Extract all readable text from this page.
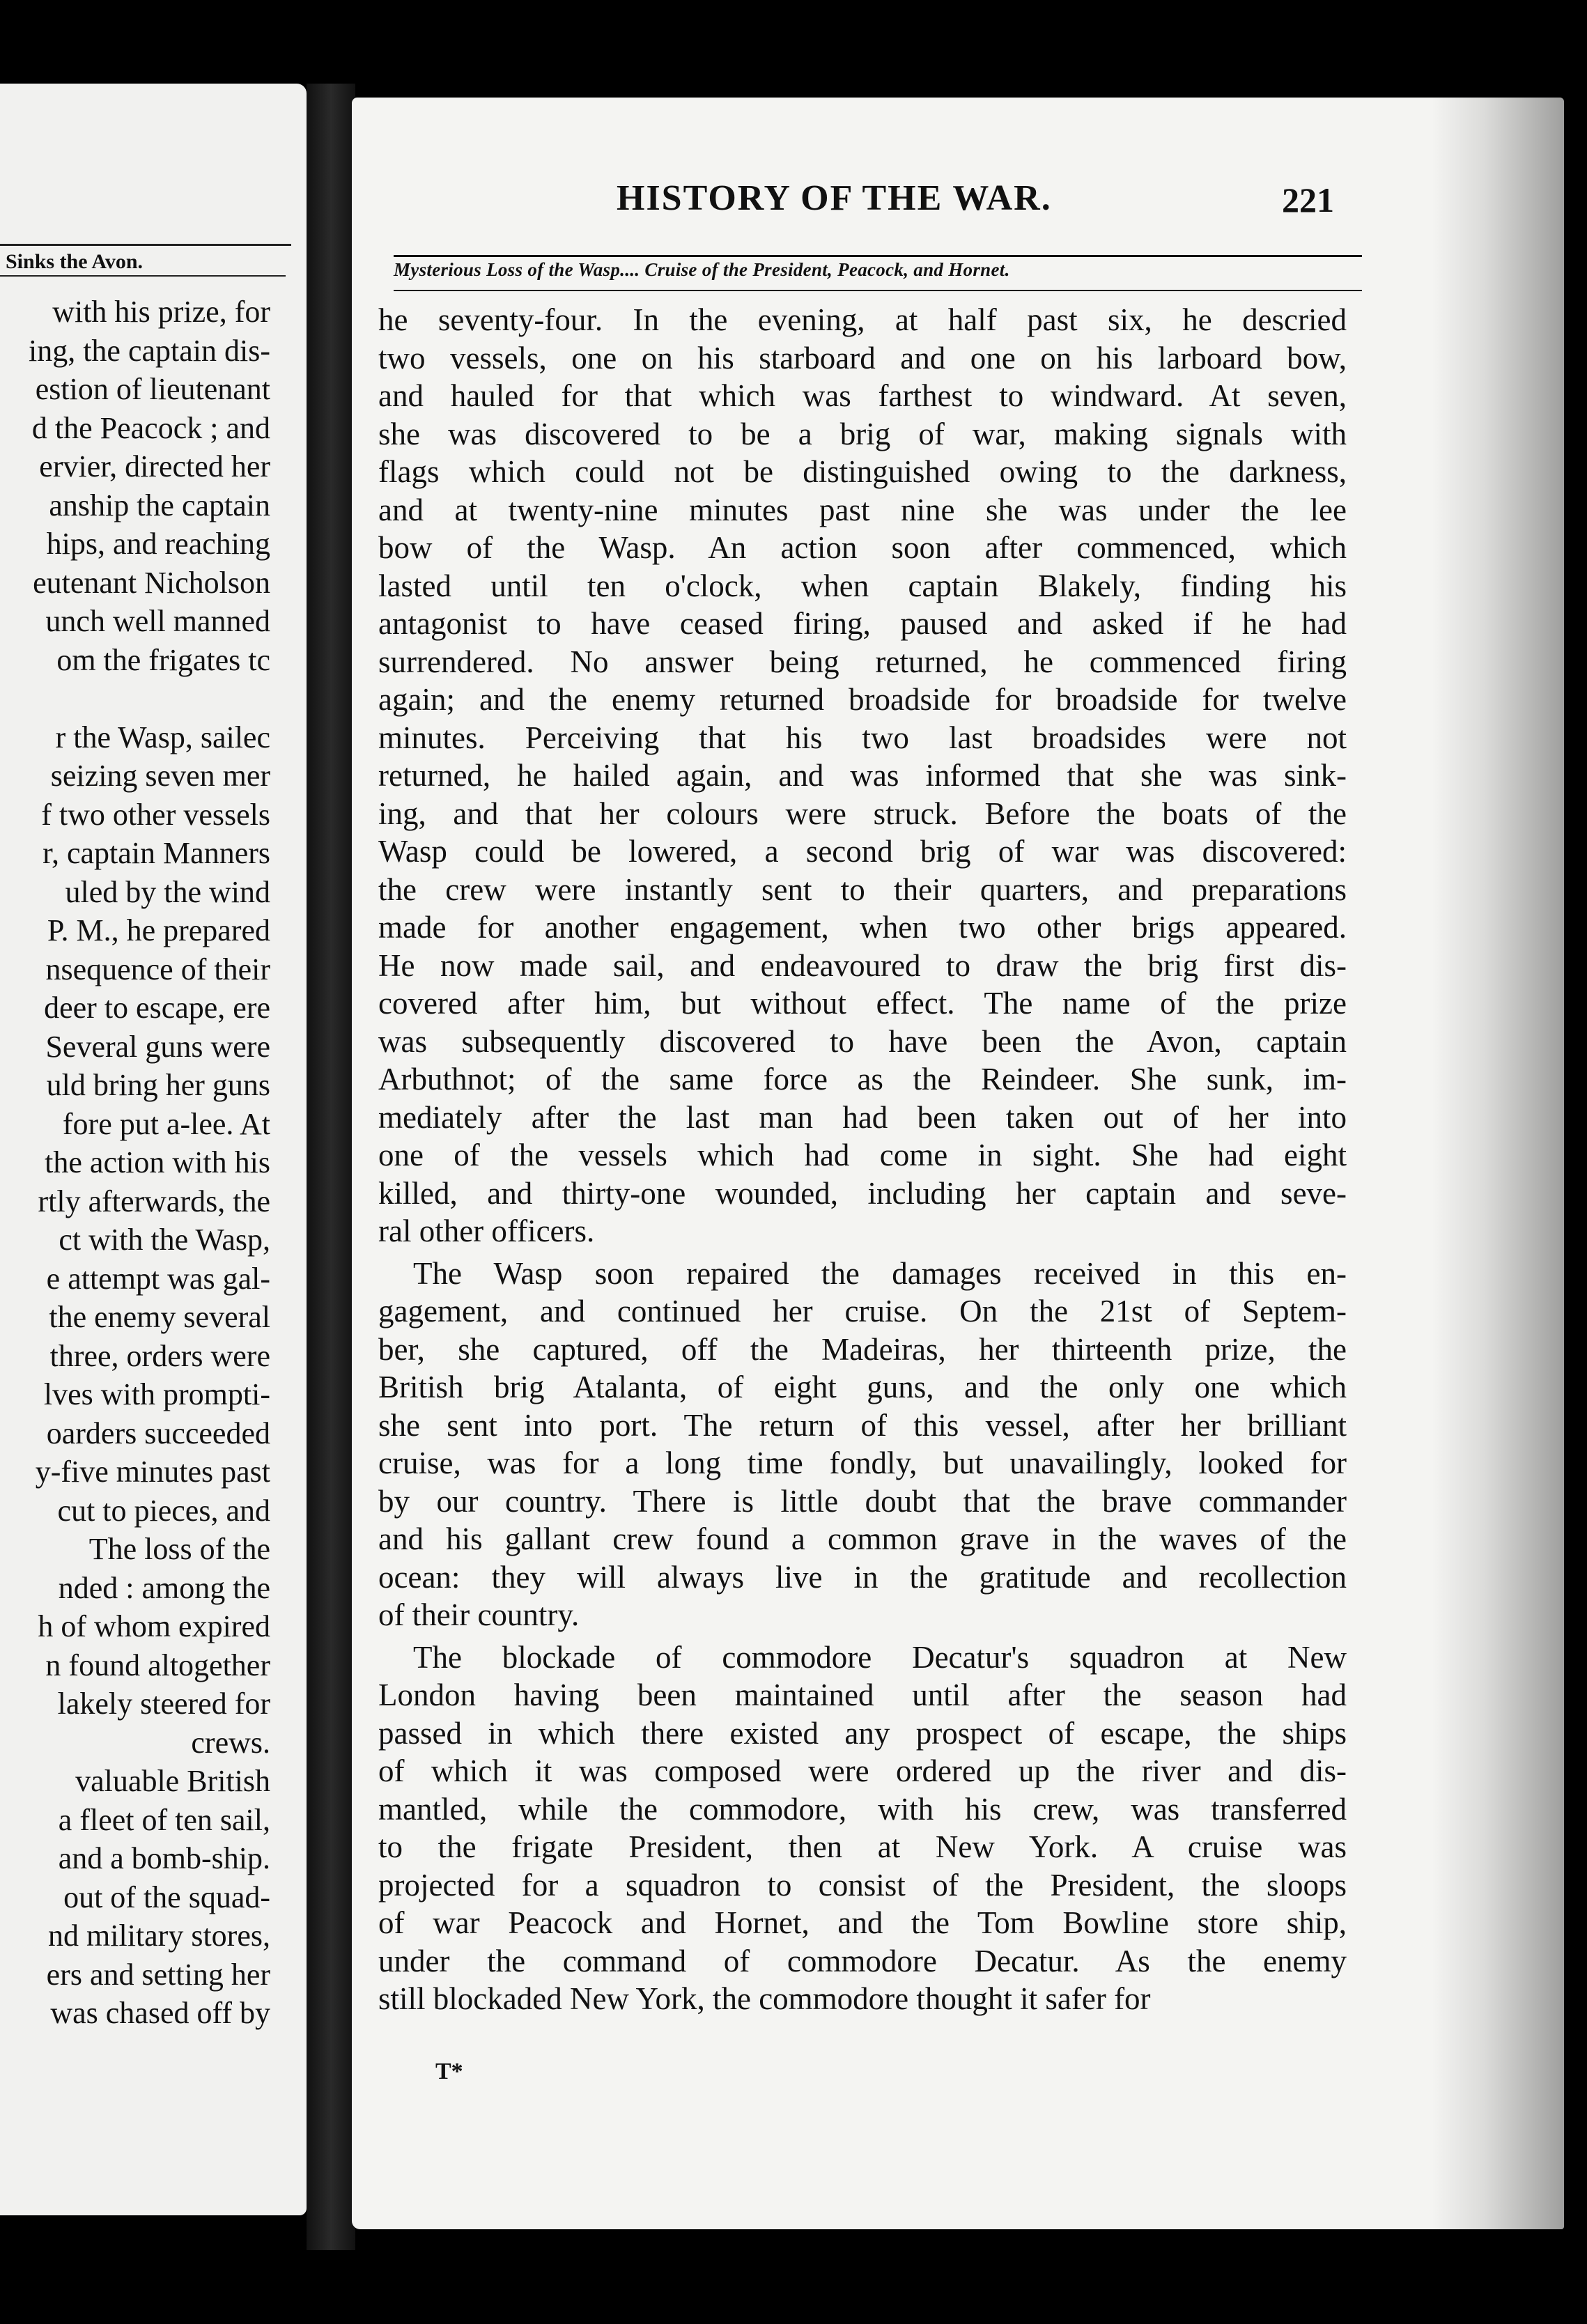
Sinks the Avon.
with his prize, for
ing, the captain dis-
estion of lieutenant
d the Peacock ; and
ervier, directed her
anship the captain
hips, and reaching
eutenant Nicholson
unch well manned
om the frigates tc
r the Wasp, sailec
seizing seven mer
f two other vessels
r, captain Manners
uled by the wind
P. M., he prepared
nsequence of their
deer to escape, ere
Several guns were
uld bring her guns
fore put a-lee. At
the action with his
rtly afterwards, the
ct with the Wasp,
e attempt was gal-
the enemy several
three, orders were
lves with prompti-
oarders succeeded
y-five minutes past
cut to pieces, and
The loss of the
nded : among the
h of whom expired
n found altogether
lakely steered for
crews.
valuable British
a fleet of ten sail,
and a bomb-ship.
out of the squad-
nd military stores,
ers and setting her
was chased off by
HISTORY OF THE WAR.	221
Mysterious Loss of the Wasp.... Cruise of the President, Peacock, and Hornet.
he seventy-four. In the evening, at half past six, he descried
two vessels, one on his starboard and one on his larboard bow,
and hauled for that which was farthest to windward. At seven,
she was discovered to be a brig of war, making signals with
flags which could not be distinguished owing to the darkness,
and at twenty-nine minutes past nine she was under the lee
bow of the Wasp. An action soon after commenced, which
lasted until ten o'clock, when captain Blakely, finding his
antagonist to have ceased firing, paused and asked if he had
surrendered. No answer being returned, he commenced firing
again; and the enemy returned broadside for broadside for twelve
minutes. Perceiving that his two last broadsides were not
returned, he hailed again, and was informed that she was sink-
ing, and that her colours were struck. Before the boats of the
Wasp could be lowered, a second brig of war was discovered:
the crew were instantly sent to their quarters, and preparations
made for another engagement, when two other brigs appeared.
He now made sail, and endeavoured to draw the brig first dis-
covered after him, but without effect. The name of the prize
was subsequently discovered to have been the Avon, captain
Arbuthnot; of the same force as the Reindeer. She sunk, im-
mediately after the last man had been taken out of her into
one of the vessels which had come in sight. She had eight
killed, and thirty-one wounded, including her captain and seve-
ral other officers.
The Wasp soon repaired the damages received in this en-
gagement, and continued her cruise. On the 21st of Septem-
ber, she captured, off the Madeiras, her thirteenth prize, the
British brig Atalanta, of eight guns, and the only one which
she sent into port. The return of this vessel, after her brilliant
cruise, was for a long time fondly, but unavailingly, looked for
by our country. There is little doubt that the brave commander
and his gallant crew found a common grave in the waves of the
ocean: they will always live in the gratitude and recollection
of their country.
The blockade of commodore Decatur's squadron at New
London having been maintained until after the season had
passed in which there existed any prospect of escape, the ships
of which it was composed were ordered up the river and dis-
mantled, while the commodore, with his crew, was transferred
to the frigate President, then at New York. A cruise was
projected for a squadron to consist of the President, the sloops
of war Peacock and Hornet, and the Tom Bowline store ship,
under the command of commodore Decatur. As the enemy
still blockaded New York, the commodore thought it safer for
T*
